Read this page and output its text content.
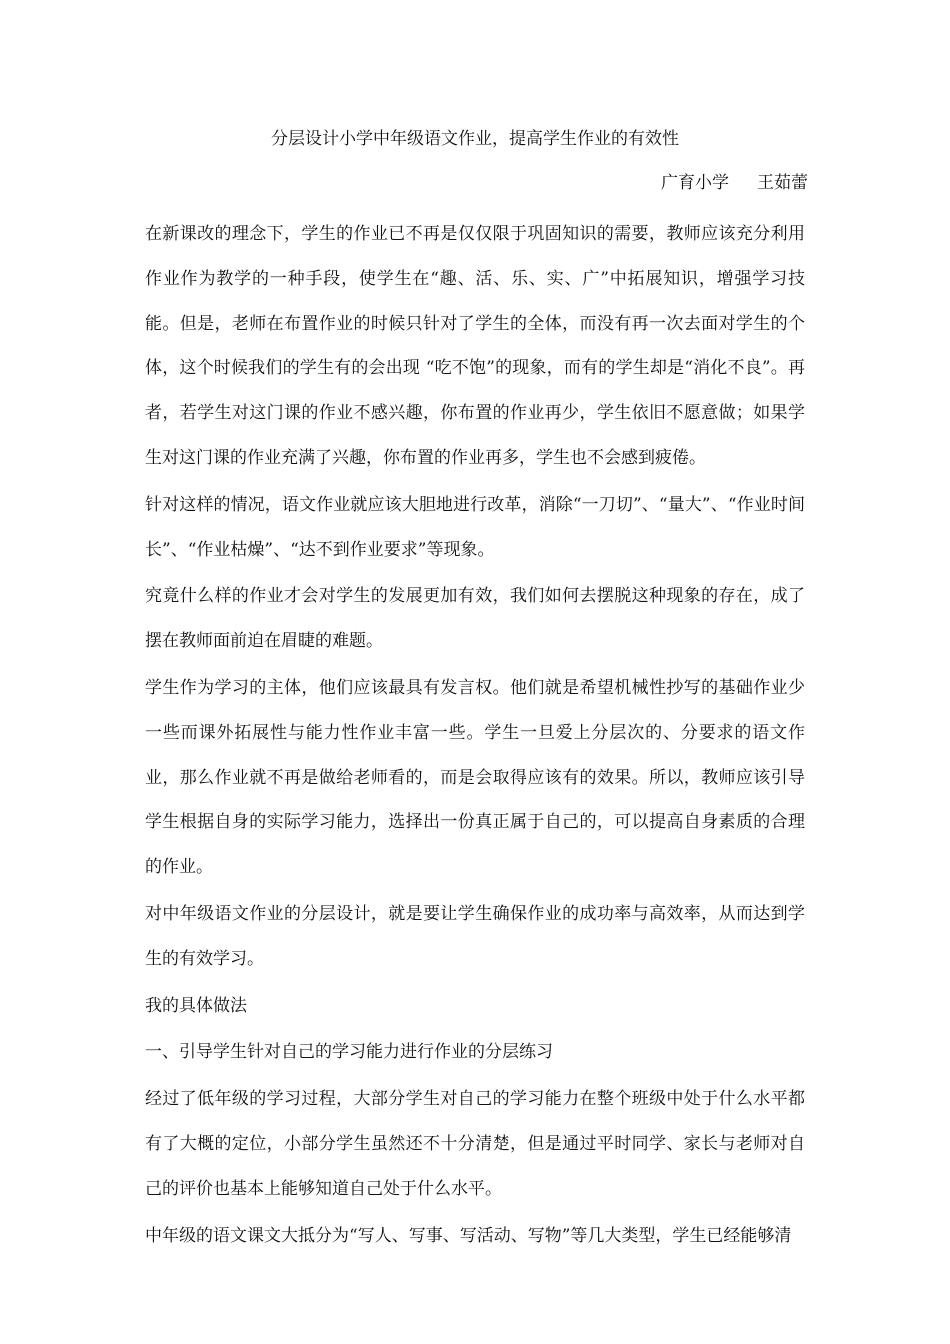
分层设计小学中年级语文作业，提高学生作业的有效性
广育小学 王茹蕾

在新课改的理念下，学生的作业已不再是仅仅限于巩固知识的需要，教师应该充分利用作业作为教学的一种手段，使学生在“趣、活、乐、实、广”中拓展知识，增强学习技能。但是，老师在布置作业的时候只针对了学生的全体，而没有再一次去面对学生的个体，这个时候我们的学生有的会出现 “吃不饱”的现象，而有的学生却是“消化不良”。再者，若学生对这门课的作业不感兴趣，你布置的作业再少，学生依旧不愿意做；如果学生对这门课的作业充满了兴趣，你布置的作业再多，学生也不会感到疲倦。

针对这样的情况，语文作业就应该大胆地进行改革，消除“一刀切”、“量大”、“作业时间长”、“作业枯燥”、“达不到作业要求”等现象。

究竟什么样的作业才会对学生的发展更加有效，我们如何去摆脱这种现象的存在，成了摆在教师面前迫在眉睫的难题。

学生作为学习的主体，他们应该最具有发言权。他们就是希望机械性抄写的基础作业少一些而课外拓展性与能力性作业丰富一些。学生一旦爱上分层次的、分要求的语文作业，那么作业就不再是做给老师看的，而是会取得应该有的效果。所以，教师应该引导学生根据自身的实际学习能力，选择出一份真正属于自己的，可以提高自身素质的合理的作业。

对中年级语文作业的分层设计，就是要让学生确保作业的成功率与高效率，从而达到学生的有效学习。

我的具体做法

一、引导学生针对自己的学习能力进行作业的分层练习

经过了低年级的学习过程，大部分学生对自己的学习能力在整个班级中处于什么水平都有了大概的定位，小部分学生虽然还不十分清楚，但是通过平时同学、家长与老师对自己的评价也基本上能够知道自己处于什么水平。

中年级的语文课文大抵分为“写人、写事、写活动、写物”等几大类型，学生已经能够清
